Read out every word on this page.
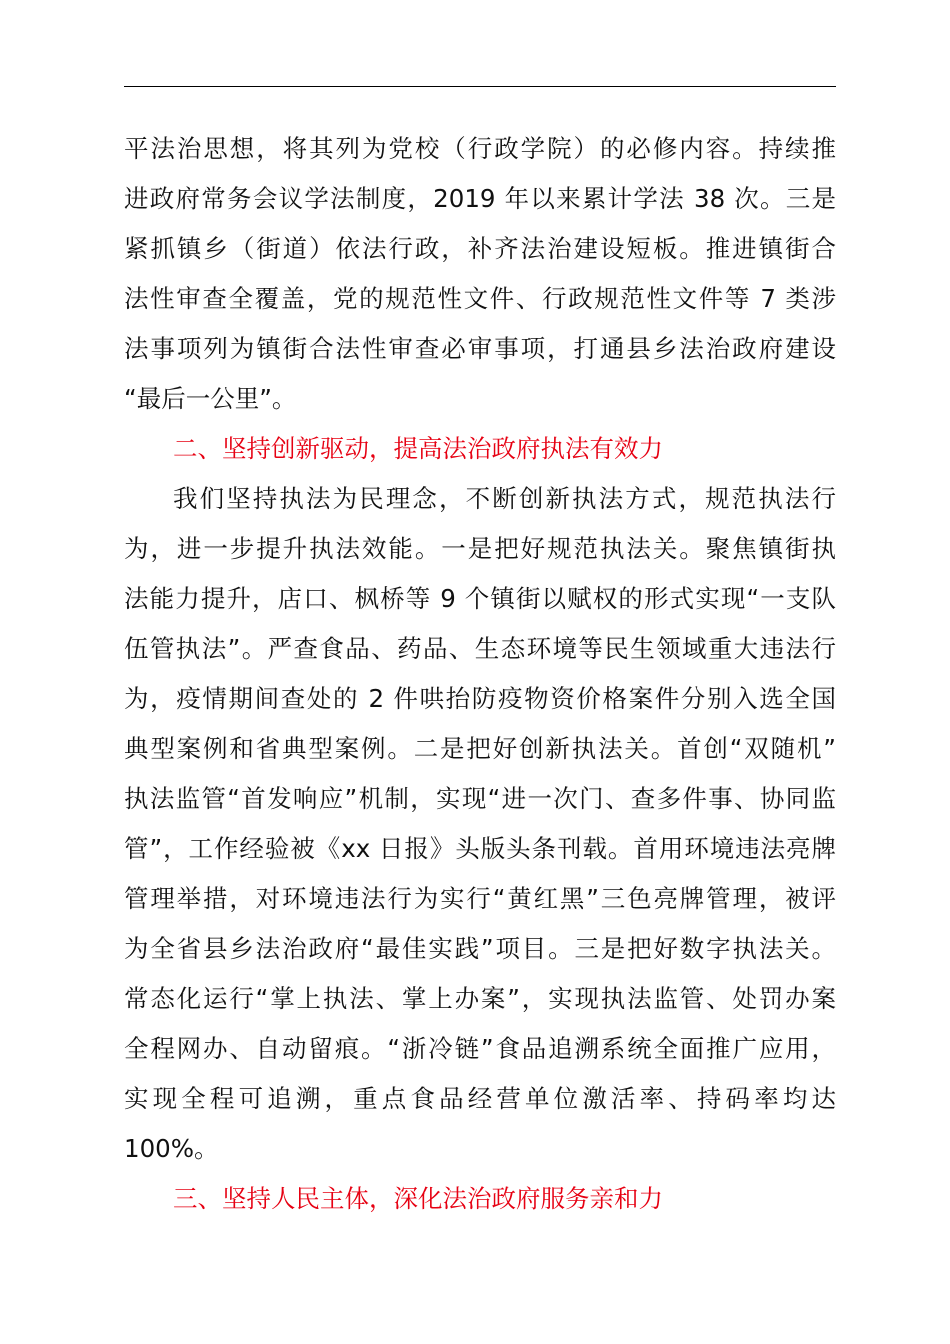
平法治思想，将其列为党校（行政学院）的必修内容。持续推
进政府常务会议学法制度，2019 年以来累计学法 38 次。三是
紧抓镇乡（街道）依法行政，补齐法治建设短板。推进镇街合
法性审查全覆盖，党的规范性文件、行政规范性文件等 7 类涉
法事项列为镇街合法性审查必审事项，打通县乡法治政府建设
“最后一公里”。
二、坚持创新驱动，提高法治政府执法有效力
我们坚持执法为民理念，不断创新执法方式，规范执法行
为，进一步提升执法效能。一是把好规范执法关。聚焦镇街执
法能力提升，店口、枫桥等 9 个镇街以赋权的形式实现“一支队
伍管执法”。严查食品、药品、生态环境等民生领域重大违法行
为，疫情期间查处的 2 件哄抬防疫物资价格案件分别入选全国
典型案例和省典型案例。二是把好创新执法关。首创“双随机”
执法监管“首发响应”机制，实现“进一次门、查多件事、协同监
管”，工作经验被《xx 日报》头版头条刊载。首用环境违法亮牌
管理举措，对环境违法行为实行“黄红黑”三色亮牌管理，被评
为全省县乡法治政府“最佳实践”项目。三是把好数字执法关。
常态化运行“掌上执法、掌上办案”，实现执法监管、处罚办案
全程网办、自动留痕。“浙冷链”食品追溯系统全面推广应用，
实现全程可追溯，重点食品经营单位激活率、持码率均达
100%。
三、坚持人民主体，深化法治政府服务亲和力
